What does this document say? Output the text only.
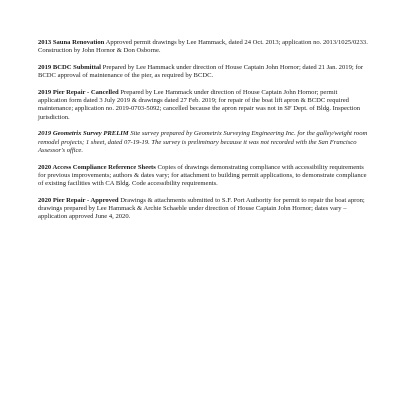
2013 Sauna Renovation Approved permit drawings by Lee Hammack, dated 24 Oct. 2013; application no. 2013/1025/0233. Construction by John Hornor & Don Osborne.

2019 BCDC Submittal Prepared by Lee Hammack under direction of House Captain John Hornor; dated 21 Jan. 2019; for BCDC approval of maintenance of the pier, as required by BCDC.

2019 Pier Repair - Cancelled Prepared by Lee Hammack under direction of House Captain John Hornor; permit application form dated 3 July 2019 & drawings dated 27 Feb. 2019; for repair of the boat lift apron & BCDC required maintenance; application no. 2019-0703-5092; cancelled because the apron repair was not in SF Dept. of Bldg. Inspection jurisdiction.

2019 Geometrix Survey PRELIM Site survey prepared by Geometrix Surveying Engineering Inc. for the galley/weight room remodel projects; 1 sheet, dated 07-19-19. The survey is preliminary because it was not recorded with the San Francisco Assessor's office.

2020 Access Compliance Reference Sheets Copies of drawings demonstrating compliance with accessibility requirements for previous improvements; authors & dates vary; for attachment to building permit applications, to demonstrate compliance of existing facilities with CA Bldg. Code accessibility requirements.

2020 Pier Repair - Approved Drawings & attachments submitted to S.F. Port Authority for permit to repair the boat apron; drawings prepared by Lee Hammack & Archie Schaeble under direction of House Captain John Hornor; dates vary – application approved June 4, 2020.
